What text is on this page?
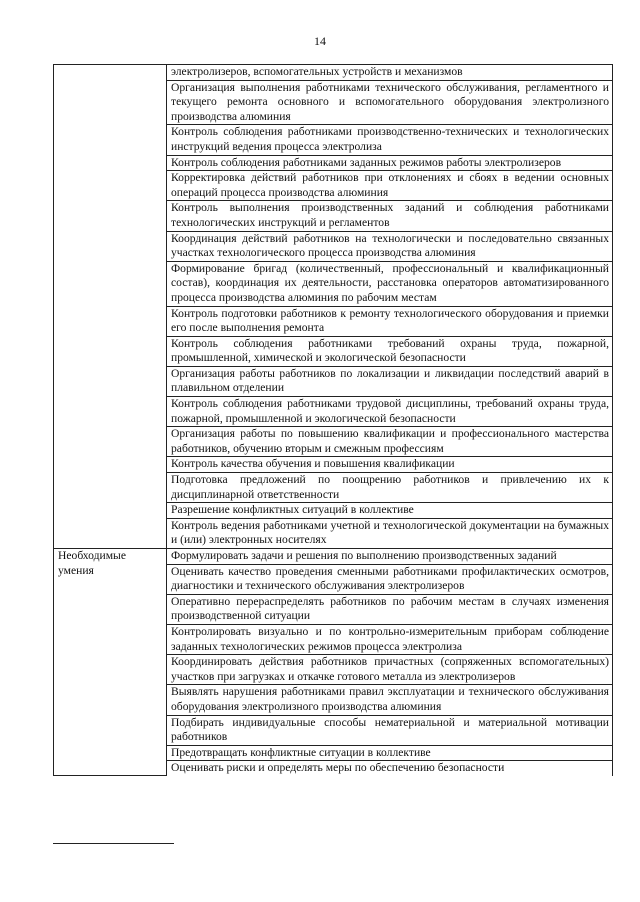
14
	электролизеров, вспомогательных устройств и механизмов
	Организация выполнения работниками технического обслуживания, регламентного и текущего ремонта основного и вспомогательного оборудования электролизного производства алюминия
	Контроль соблюдения работниками производственно-технических и технологических инструкций ведения процесса электролиза
	Контроль соблюдения работниками заданных режимов работы электролизеров
	Корректировка действий работников при отклонениях и сбоях в ведении основных операций процесса производства алюминия
	Контроль выполнения производственных заданий и соблюдения работниками технологических инструкций и регламентов
	Координация действий работников на технологически и последовательно связанных участках технологического процесса производства алюминия
	Формирование бригад (количественный, профессиональный и квалификационный состав), координация их деятельности, расстановка операторов автоматизированного процесса производства алюминия по рабочим местам
	Контроль подготовки работников к ремонту технологического оборудования и приемки его после выполнения ремонта
	Контроль соблюдения работниками требований охраны труда, пожарной, промышленной, химической и экологической безопасности
	Организация работы работников по локализации и ликвидации последствий аварий в плавильном отделении
	Контроль соблюдения работниками трудовой дисциплины, требований охраны труда, пожарной, промышленной и экологической безопасности
	Организация работы по повышению квалификации и профессионального мастерства работников, обучению вторым и смежным профессиям
	Контроль качества обучения и повышения квалификации
	Подготовка предложений по поощрению работников и привлечению их к дисциплинарной ответственности
	Разрешение конфликтных ситуаций в коллективе
	Контроль ведения работниками учетной и технологической документации на бумажных и (или) электронных носителях
Необходимые умения	Формулировать задачи и решения по выполнению производственных заданий
	Оценивать качество проведения сменными работниками профилактических осмотров, диагностики и технического обслуживания электролизеров
	Оперативно перераспределять работников по рабочим местам в случаях изменения производственной ситуации
	Контролировать визуально и по контрольно-измерительным приборам соблюдение заданных технологических режимов процесса электролиза
	Координировать действия работников причастных (сопряженных вспомогательных) участков при загрузках и откачке готового металла из электролизеров
	Выявлять нарушения работниками правил эксплуатации и технического обслуживания оборудования электролизного производства алюминия
	Подбирать индивидуальные способы нематериальной и материальной мотивации работников
	Предотвращать конфликтные ситуации в коллективе
	Оценивать риски и определять меры по обеспечению безопасности
